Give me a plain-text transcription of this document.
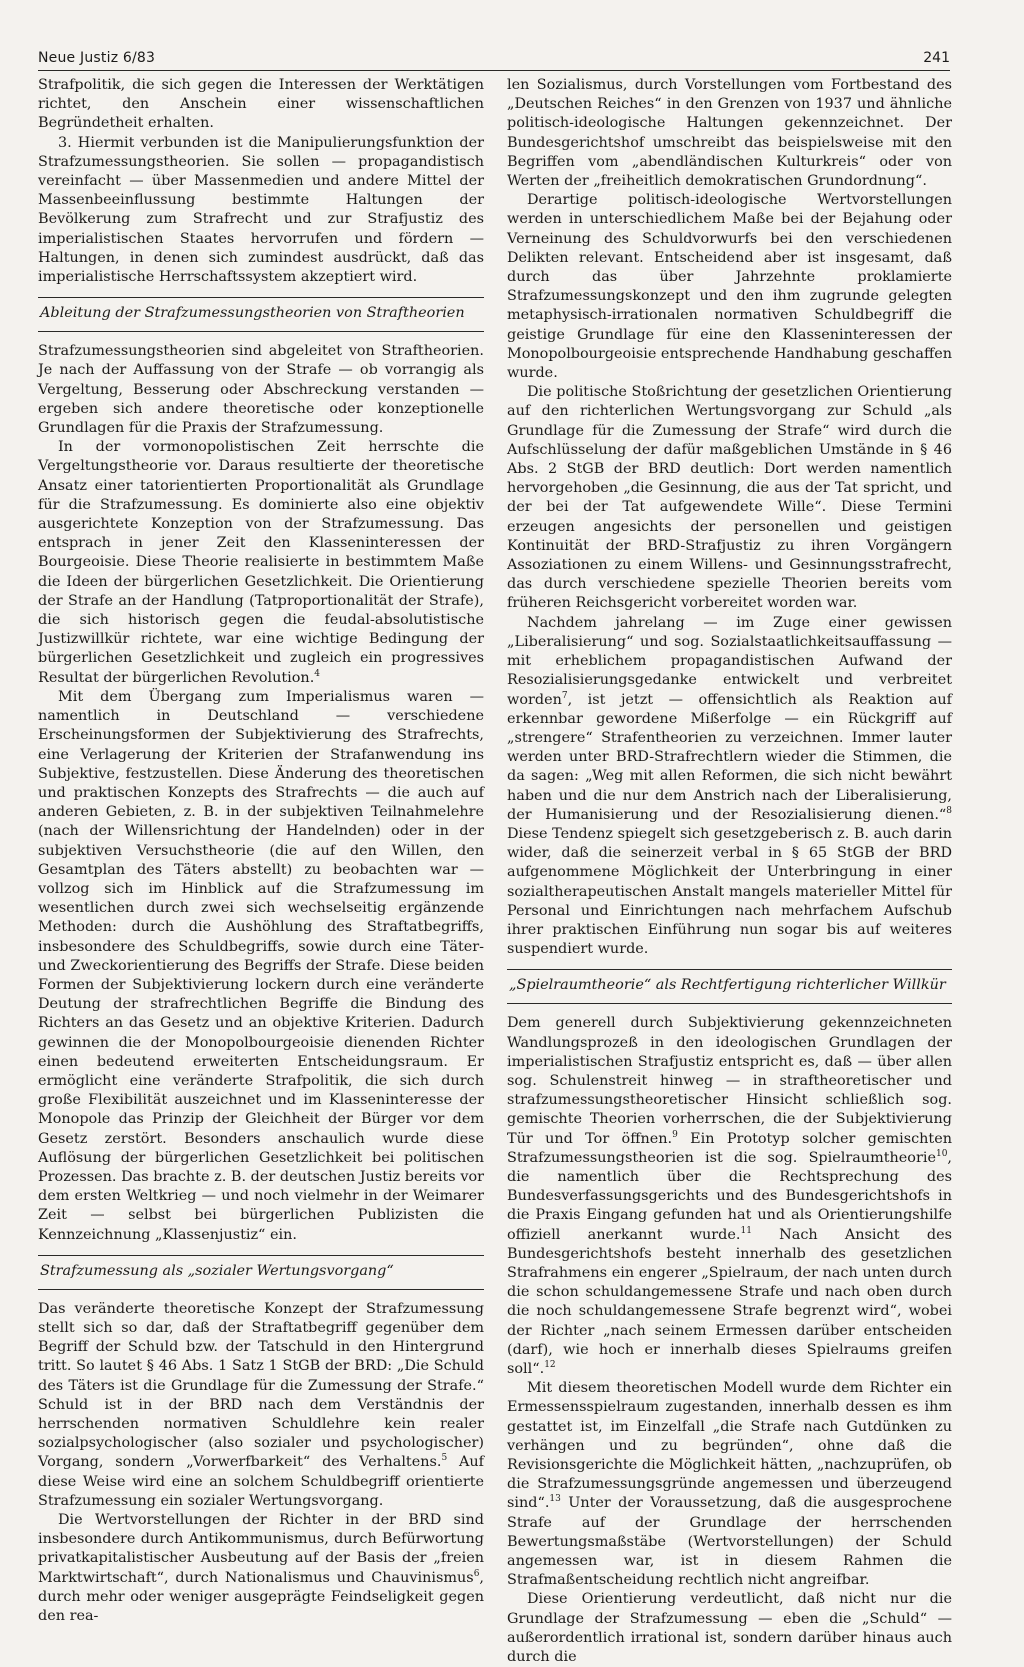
Neue Justiz 6/83	241

Strafpolitik, die sich gegen die Interessen der Werktätigen richtet, den Anschein einer wissenschaftlichen Begründetheit erhalten.

3. Hiermit verbunden ist die Manipulierungsfunktion der Strafzumessungstheorien. Sie sollen — propagandistisch vereinfacht — über Massenmedien und andere Mittel der Massenbeeinflussung bestimmte Haltungen der Bevölkerung zum Strafrecht und zur Strafjustiz des imperialistischen Staates hervorrufen und fördern — Haltungen, in denen sich zumindest ausdrückt, daß das imperialistische Herrschaftssystem akzeptiert wird.

Ableitung der Strafzumessungstheorien von Straftheorien

Strafzumessungstheorien sind abgeleitet von Straftheorien. Je nach der Auffassung von der Strafe — ob vorrangig als Vergeltung, Besserung oder Abschreckung verstanden — ergeben sich andere theoretische oder konzeptionelle Grundlagen für die Praxis der Strafzumessung.

In der vormonopolistischen Zeit herrschte die Vergeltungstheorie vor. Daraus resultierte der theoretische Ansatz einer tatorientierten Proportionalität als Grundlage für die Strafzumessung. Es dominierte also eine objektiv ausgerichtete Konzeption von der Strafzumessung. Das entsprach in jener Zeit den Klasseninteressen der Bourgeoisie. Diese Theorie realisierte in bestimmtem Maße die Ideen der bürgerlichen Gesetzlichkeit. Die Orientierung der Strafe an der Handlung (Tatproportionalität der Strafe), die sich historisch gegen die feudal-absolutistische Justizwillkür richtete, war eine wichtige Bedingung der bürgerlichen Gesetzlichkeit und zugleich ein progressives Resultat der bürgerlichen Revolution.$^4$

Mit dem Übergang zum Imperialismus waren — namentlich in Deutschland — verschiedene Erscheinungsformen der Subjektivierung des Strafrechts, eine Verlagerung der Kriterien der Strafanwendung ins Subjektive, festzustellen. Diese Änderung des theoretischen und praktischen Konzepts des Strafrechts — die auch auf anderen Gebieten, z. B. in der subjektiven Teilnahmelehre (nach der Willensrichtung der Handelnden) oder in der subjektiven Versuchstheorie (die auf den Willen, den Gesamtplan des Täters abstellt) zu beobachten war — vollzog sich im Hinblick auf die Strafzumessung im wesentlichen durch zwei sich wechselseitig ergänzende Methoden: durch die Aushöhlung des Straftatbegriffs, insbesondere des Schuldbegriffs, sowie durch eine Täter- und Zweckorientierung des Begriffs der Strafe. Diese beiden Formen der Subjektivierung lockern durch eine veränderte Deutung der strafrechtlichen Begriffe die Bindung des Richters an das Gesetz und an objektive Kriterien. Dadurch gewinnen die der Monopolbourgeoisie dienenden Richter einen bedeutend erweiterten Entscheidungsraum. Er ermöglicht eine veränderte Strafpolitik, die sich durch große Flexibilität auszeichnet und im Klasseninteresse der Monopole das Prinzip der Gleichheit der Bürger vor dem Gesetz zerstört. Besonders anschaulich wurde diese Auflösung der bürgerlichen Gesetzlichkeit bei politischen Prozessen. Das brachte z. B. der deutschen Justiz bereits vor dem ersten Weltkrieg — und noch vielmehr in der Weimarer Zeit — selbst bei bürgerlichen Publizisten die Kennzeichnung „Klassenjustiz“ ein.

Strafzumessung als „sozialer Wertungsvorgang“

Das veränderte theoretische Konzept der Strafzumessung stellt sich so dar, daß der Straftatbegriff gegenüber dem Begriff der Schuld bzw. der Tatschuld in den Hintergrund tritt. So lautet § 46 Abs. 1 Satz 1 StGB der BRD: „Die Schuld des Täters ist die Grundlage für die Zumessung der Strafe.“ Schuld ist in der BRD nach dem Verständnis der herrschenden normativen Schuldlehre kein realer sozialpsychologischer (also sozialer und psychologischer) Vorgang, sondern „Vorwerfbarkeit“ des Verhaltens.$^5$ Auf diese Weise wird eine an solchem Schuldbegriff orientierte Strafzumessung ein sozialer Wertungsvorgang.

Die Wertvorstellungen der Richter in der BRD sind insbesondere durch Antikommunismus, durch Befürwortung privatkapitalistischer Ausbeutung auf der Basis der „freien Marktwirtschaft“, durch Nationalismus und Chauvinismus$^6$, durch mehr oder weniger ausgeprägte Feindseligkeit gegen den rea-

len Sozialismus, durch Vorstellungen vom Fortbestand des „Deutschen Reiches“ in den Grenzen von 1937 und ähnliche politisch-ideologische Haltungen gekennzeichnet. Der Bundesgerichtshof umschreibt das beispielsweise mit den Begriffen vom „abendländischen Kulturkreis“ oder von Werten der „freiheitlich demokratischen Grundordnung“.

Derartige politisch-ideologische Wertvorstellungen werden in unterschiedlichem Maße bei der Bejahung oder Verneinung des Schuldvorwurfs bei den verschiedenen Delikten relevant. Entscheidend aber ist insgesamt, daß durch das über Jahrzehnte proklamierte Strafzumessungskonzept und den ihm zugrunde gelegten metaphysisch-irrationalen normativen Schuldbegriff die geistige Grundlage für eine den Klasseninteressen der Monopolbourgeoisie entsprechende Handhabung geschaffen wurde.

Die politische Stoßrichtung der gesetzlichen Orientierung auf den richterlichen Wertungsvorgang zur Schuld „als Grundlage für die Zumessung der Strafe“ wird durch die Aufschlüsselung der dafür maßgeblichen Umstände in § 46 Abs. 2 StGB der BRD deutlich: Dort werden namentlich hervorgehoben „die Gesinnung, die aus der Tat spricht, und der bei der Tat aufgewendete Wille“. Diese Termini erzeugen angesichts der personellen und geistigen Kontinuität der BRD-Strafjustiz zu ihren Vorgängern Assoziationen zu einem Willens- und Gesinnungsstrafrecht, das durch verschiedene spezielle Theorien bereits vom früheren Reichsgericht vorbereitet worden war.

Nachdem jahrelang — im Zuge einer gewissen „Liberalisierung“ und sog. Sozialstaatlichkeitsauffassung — mit erheblichem propagandistischen Aufwand der Resozialisierungsgedanke entwickelt und verbreitet worden$^7$, ist jetzt — offensichtlich als Reaktion auf erkennbar gewordene Mißerfolge — ein Rückgriff auf „strengere“ Strafentheorien zu verzeichnen. Immer lauter werden unter BRD-Strafrechtlern wieder die Stimmen, die da sagen: „Weg mit allen Reformen, die sich nicht bewährt haben und die nur dem Anstrich nach der Liberalisierung, der Humanisierung und der Resozialisierung dienen.“$^8$ Diese Tendenz spiegelt sich gesetzgeberisch z. B. auch darin wider, daß die seinerzeit verbal in § 65 StGB der BRD aufgenommene Möglichkeit der Unterbringung in einer sozialtherapeutischen Anstalt mangels materieller Mittel für Personal und Einrichtungen nach mehrfachem Aufschub ihrer praktischen Einführung nun sogar bis auf weiteres suspendiert wurde.

„Spielraumtheorie“ als Rechtfertigung richterlicher Willkür

Dem generell durch Subjektivierung gekennzeichneten Wandlungsprozeß in den ideologischen Grundlagen der imperialistischen Strafjustiz entspricht es, daß — über allen sog. Schulenstreit hinweg — in straftheoretischer und strafzumessungstheoretischer Hinsicht schließlich sog. gemischte Theorien vorherrschen, die der Subjektivierung Tür und Tor öffnen.$^9$ Ein Prototyp solcher gemischten Strafzumessungstheorien ist die sog. Spielraumtheorie$^{10}$, die namentlich über die Rechtsprechung des Bundesverfassungsgerichts und des Bundesgerichtshofs in die Praxis Eingang gefunden hat und als Orientierungshilfe offiziell anerkannt wurde.$^{11}$ Nach Ansicht des Bundesgerichtshofs besteht innerhalb des gesetzlichen Strafrahmens ein engerer „Spielraum, der nach unten durch die schon schuldangemessene Strafe und nach oben durch die noch schuldangemessene Strafe begrenzt wird“, wobei der Richter „nach seinem Ermessen darüber entscheiden (darf), wie hoch er innerhalb dieses Spielraums greifen soll“.$^{12}$

Mit diesem theoretischen Modell wurde dem Richter ein Ermessensspielraum zugestanden, innerhalb dessen es ihm gestattet ist, im Einzelfall „die Strafe nach Gutdünken zu verhängen und zu begründen“, ohne daß die Revisionsgerichte die Möglichkeit hätten, „nachzuprüfen, ob die Strafzumessungsgründe angemessen und überzeugend sind“.$^{13}$ Unter der Voraussetzung, daß die ausgesprochene Strafe auf der Grundlage der herrschenden Bewertungsmaßstäbe (Wertvorstellungen) der Schuld angemessen war, ist in diesem Rahmen die Strafmaßentscheidung rechtlich nicht angreifbar.

Diese Orientierung verdeutlicht, daß nicht nur die Grundlage der Strafzumessung — eben die „Schuld“ — außerordentlich irrational ist, sondern darüber hinaus auch durch die
